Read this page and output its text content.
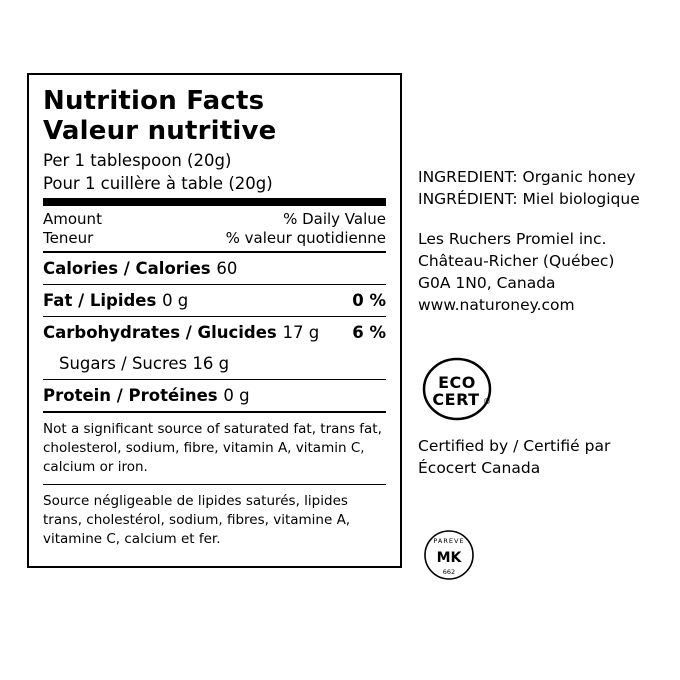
Nutrition Facts
Valeur nutritive
Per 1 tablespoon (20g)
Pour 1 cuillère à table (20g)
Amount
Teneur
% Daily Value
% valeur quotidienne
Calories / Calories 60
Fat / Lipides 0 g	0 %
Carbohydrates / Glucides 17 g 6 %
Sugars / Sucres 16 g
Protein / Protéines 0 g
Not a significant source of saturated fat, trans fat, cholesterol, sodium, fibre, vitamin A, vitamin C, calcium or iron.
Source négligeable de lipides saturés, lipides trans, cholestérol, sodium, fibres, vitamine A, vitamine C, calcium et fer.
INGREDIENT: Organic honey
INGRÉDIENT: Miel biologique
Les Ruchers Promiel inc.
Château-Richer (Québec)
G0A 1N0, Canada
www.naturoney.com
ECO
CERT ®
Certified by / Certifié par
Écocert Canada
PAREVE
MK
662
